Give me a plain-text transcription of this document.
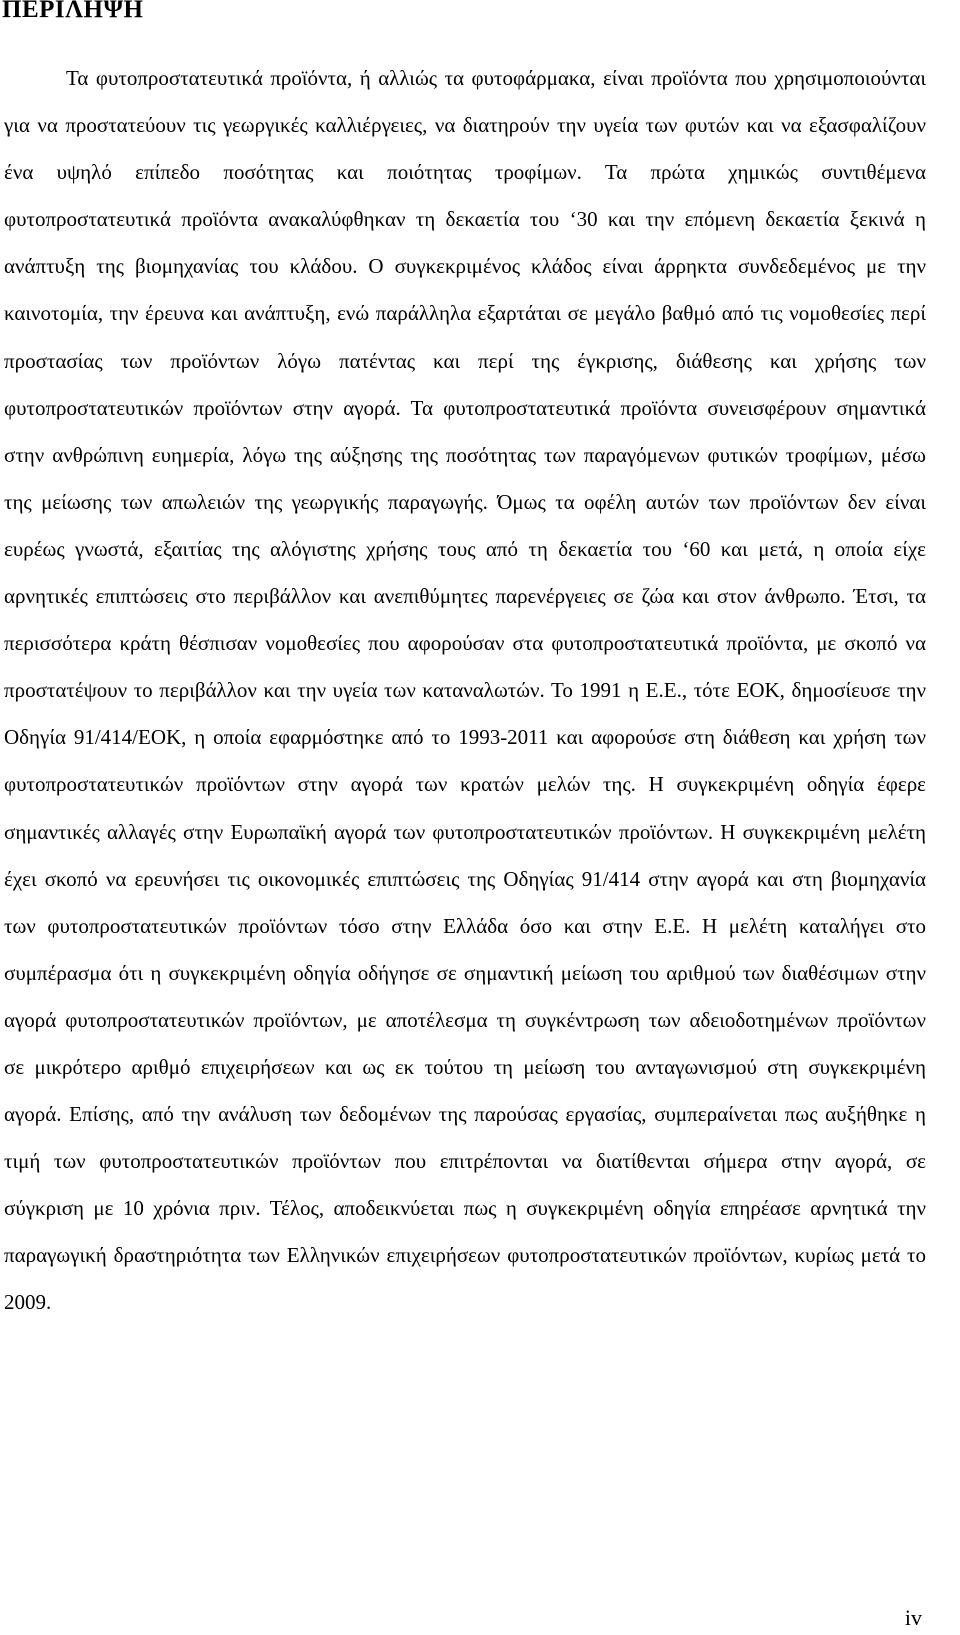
ΠΕΡΙΛΗΨΗ

Τα φυτοπροστατευτικά προϊόντα, ή αλλιώς τα φυτοφάρμακα, είναι προϊόντα που χρησιμοποιούνται για να προστατεύουν τις γεωργικές καλλιέργειες, να διατηρούν την υγεία των φυτών και να εξασφαλίζουν ένα υψηλό επίπεδο ποσότητας και ποιότητας τροφίμων. Τα πρώτα χημικώς συντιθέμενα φυτοπροστατευτικά προϊόντα ανακαλύφθηκαν τη δεκαετία του ‘30 και την επόμενη δεκαετία ξεκινά η ανάπτυξη της βιομηχανίας του κλάδου. Ο συγκεκριμένος κλάδος είναι άρρηκτα συνδεδεμένος με την καινοτομία, την έρευνα και ανάπτυξη, ενώ παράλληλα εξαρτάται σε μεγάλο βαθμό από τις νομοθεσίες περί προστασίας των προϊόντων λόγω πατέντας και περί της έγκρισης, διάθεσης και χρήσης των φυτοπροστατευτικών προϊόντων στην αγορά. Τα φυτοπροστατευτικά προϊόντα συνεισφέρουν σημαντικά στην ανθρώπινη ευημερία, λόγω της αύξησης της ποσότητας των παραγόμενων φυτικών τροφίμων, μέσω της μείωσης των απωλειών της γεωργικής παραγωγής. Όμως τα οφέλη αυτών των προϊόντων δεν είναι ευρέως γνωστά, εξαιτίας της αλόγιστης χρήσης τους από τη δεκαετία του ‘60 και μετά, η οποία είχε αρνητικές επιπτώσεις στο περιβάλλον και ανεπιθύμητες παρενέργειες σε ζώα και στον άνθρωπο. Έτσι, τα περισσότερα κράτη θέσπισαν νομοθεσίες που αφορούσαν στα φυτοπροστατευτικά προϊόντα, με σκοπό να προστατέψουν το περιβάλλον και την υγεία των καταναλωτών. Το 1991 η Ε.Ε., τότε ΕΟΚ, δημοσίευσε την Οδηγία 91/414/ΕΟΚ, η οποία εφαρμόστηκε από το 1993-2011 και αφορούσε στη διάθεση και χρήση των φυτοπροστατευτικών προϊόντων στην αγορά των κρατών μελών της. Η συγκεκριμένη οδηγία έφερε σημαντικές αλλαγές στην Ευρωπαϊκή αγορά των φυτοπροστατευτικών προϊόντων. Η συγκεκριμένη μελέτη έχει σκοπό να ερευνήσει τις οικονομικές επιπτώσεις της Οδηγίας 91/414 στην αγορά και στη βιομηχανία των φυτοπροστατευτικών προϊόντων τόσο στην Ελλάδα όσο και στην Ε.Ε. Η μελέτη καταλήγει στο συμπέρασμα ότι η συγκεκριμένη οδηγία οδήγησε σε σημαντική μείωση του αριθμού των διαθέσιμων στην αγορά φυτοπροστατευτικών προϊόντων, με αποτέλεσμα τη συγκέντρωση των αδειοδοτημένων προϊόντων σε μικρότερο αριθμό επιχειρήσεων και ως εκ τούτου τη μείωση του ανταγωνισμού στη συγκεκριμένη αγορά. Επίσης, από την ανάλυση των δεδομένων της παρούσας εργασίας, συμπεραίνεται πως αυξήθηκε η τιμή των φυτοπροστατευτικών προϊόντων που επιτρέπονται να διατίθενται σήμερα στην αγορά, σε σύγκριση με 10 χρόνια πριν. Τέλος, αποδεικνύεται πως η συγκεκριμένη οδηγία επηρέασε αρνητικά την παραγωγική δραστηριότητα των Ελληνικών επιχειρήσεων φυτοπροστατευτικών προϊόντων, κυρίως μετά το 2009.

iv
